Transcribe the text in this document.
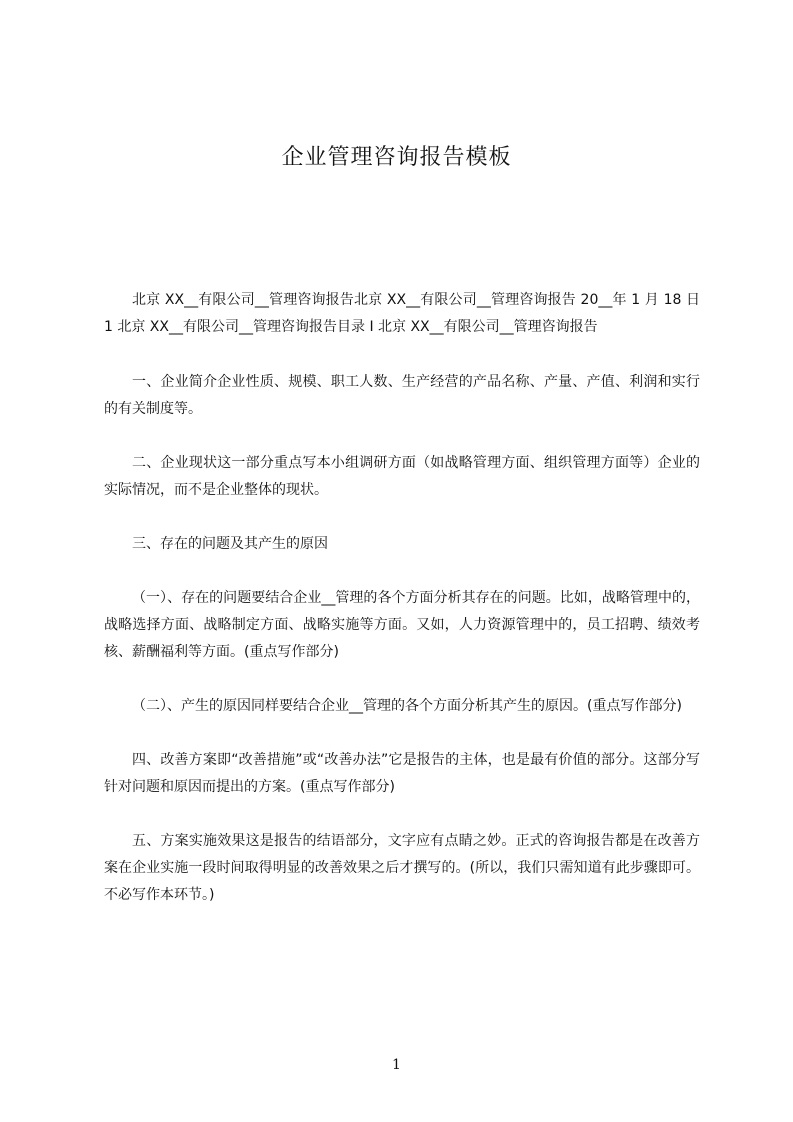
企业管理咨询报告模板

北京 XX__有限公司__管理咨询报告北京 XX__有限公司__管理咨询报告 20__年 1 月 18 日 1 北京 XX__有限公司__管理咨询报告目录 I 北京 XX__有限公司__管理咨询报告

一、企业简介企业性质、规模、职工人数、生产经营的产品名称、产量、产值、利润和实行的有关制度等。

二、企业现状这一部分重点写本小组调研方面（如战略管理方面、组织管理方面等）企业的实际情况，而不是企业整体的现状。

三、存在的问题及其产生的原因

（一）、存在的问题要结合企业__管理的各个方面分析其存在的问题。比如，战略管理中的，战略选择方面、战略制定方面、战略实施等方面。又如，人力资源管理中的，员工招聘、绩效考核、薪酬福利等方面。(重点写作部分)

（二）、产生的原因同样要结合企业__管理的各个方面分析其产生的原因。(重点写作部分)

四、改善方案即“改善措施”或“改善办法”它是报告的主体，也是最有价值的部分。这部分写针对问题和原因而提出的方案。(重点写作部分)

五、方案实施效果这是报告的结语部分，文字应有点睛之妙。正式的咨询报告都是在改善方案在企业实施一段时间取得明显的改善效果之后才撰写的。(所以，我们只需知道有此步骤即可。不必写作本环节。)

1
